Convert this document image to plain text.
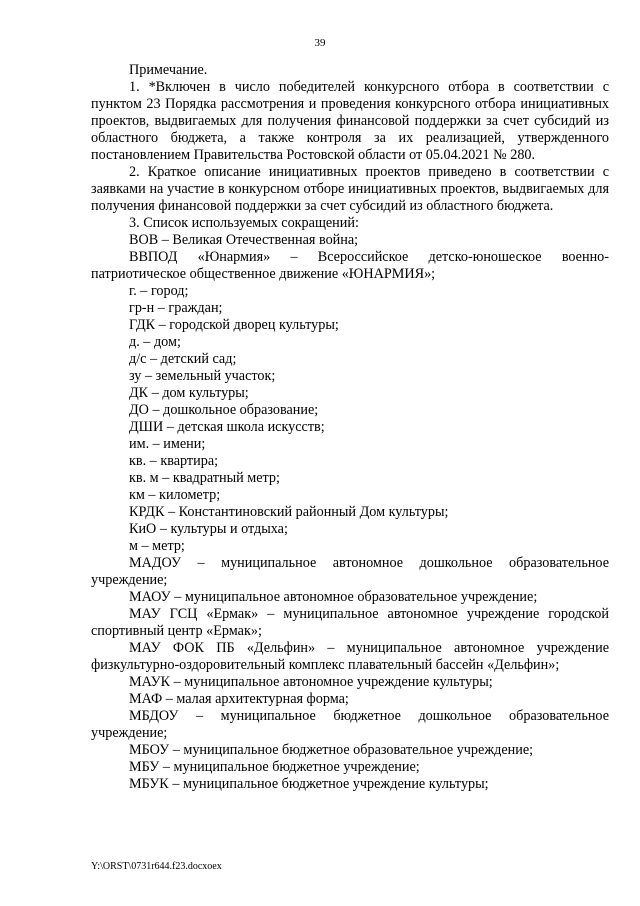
39

Примечание.

1. *Включен в число победителей конкурсного отбора в соответствии с пунктом 23 Порядка рассмотрения и проведения конкурсного отбора инициативных проектов, выдвигаемых для получения финансовой поддержки за счет субсидий из областного бюджета, а также контроля за их реализацией, утвержденного постановлением Правительства Ростовской области от 05.04.2021 № 280.

2. Краткое описание инициативных проектов приведено в соответствии с заявками на участие в конкурсном отборе инициативных проектов, выдвигаемых для получения финансовой поддержки за счет субсидий из областного бюджета.

3. Список используемых сокращений:

ВОВ – Великая Отечественная война;
ВВПОД «Юнармия» – Всероссийское детско-юношеское военно-патриотическое общественное движение «ЮНАРМИЯ»;
г. – город;
гр-н – граждан;
ГДК – городской дворец культуры;
д. – дом;
д/с – детский сад;
зу – земельный участок;
ДК – дом культуры;
ДО – дошкольное образование;
ДШИ – детская школа искусств;
им. – имени;
кв. – квартира;
кв. м – квадратный метр;
км – километр;
КРДК – Константиновский районный Дом культуры;
КиО – культуры и отдыха;
м – метр;
МАДОУ – муниципальное автономное дошкольное образовательное учреждение;
МАОУ – муниципальное автономное образовательное учреждение;
МАУ ГСЦ «Ермак» – муниципальное автономное учреждение городской спортивный центр «Ермак»;
МАУ ФОК ПБ «Дельфин» – муниципальное автономное учреждение физкультурно-оздоровительный комплекс плавательный бассейн «Дельфин»;
МАУК – муниципальное автономное учреждение культуры;
МАФ – малая архитектурная форма;
МБДОУ – муниципальное бюджетное дошкольное образовательное учреждение;
МБОУ – муниципальное бюджетное образовательное учреждение;
МБУ – муниципальное бюджетное учреждение;
МБУК – муниципальное бюджетное учреждение культуры;
Y:\ORST\0731r644.f23.docxoex
